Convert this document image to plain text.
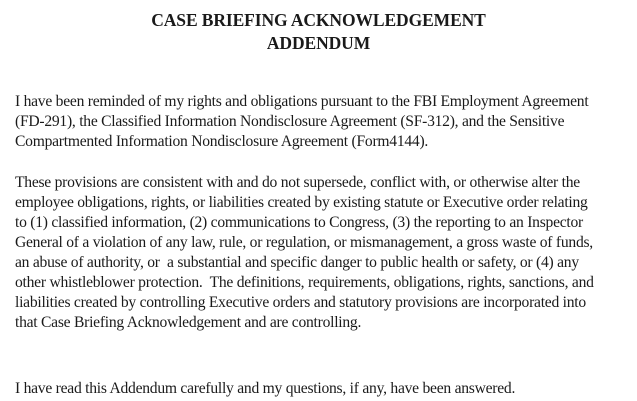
CASE BRIEFING ACKNOWLEDGEMENT
ADDENDUM
I have been reminded of my rights and obligations pursuant to the FBI Employment Agreement
(FD-291), the Classified Information Nondisclosure Agreement (SF-312), and the Sensitive
Compartmented Information Nondisclosure Agreement (Form4144).
These provisions are consistent with and do not supersede, conflict with, or otherwise alter the
employee obligations, rights, or liabilities created by existing statute or Executive order relating
to (1) classified information, (2) communications to Congress, (3) the reporting to an Inspector
General of a violation of any law, rule, or regulation, or mismanagement, a gross waste of funds,
an abuse of authority, or  a substantial and specific danger to public health or safety, or (4) any
other whistleblower protection.  The definitions, requirements, obligations, rights, sanctions, and
liabilities created by controlling Executive orders and statutory provisions are incorporated into
that Case Briefing Acknowledgement and are controlling.
I have read this Addendum carefully and my questions, if any, have been answered.
